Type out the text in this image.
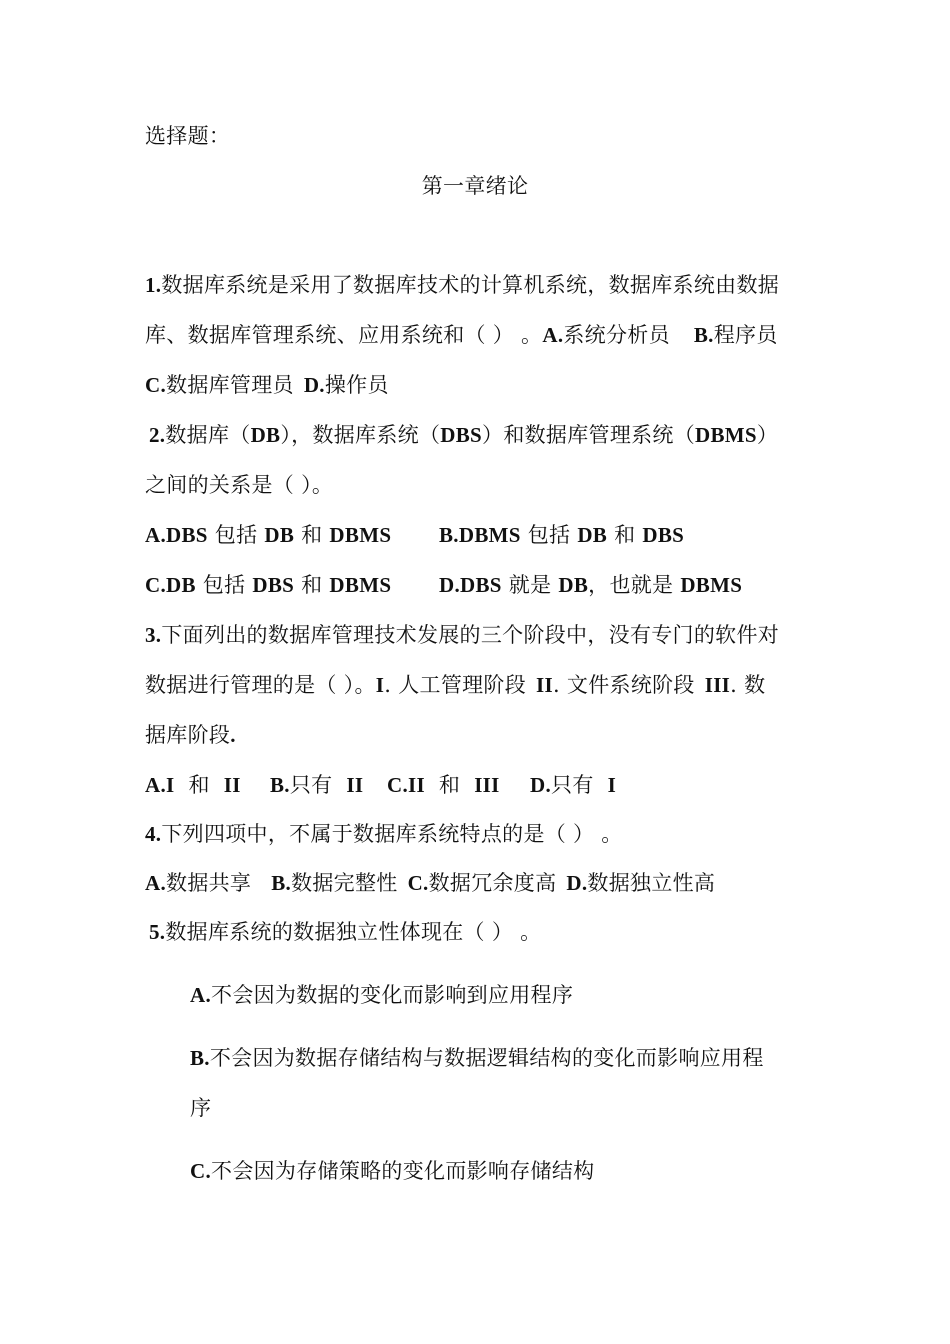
选择题：
第一章绪论
1.数据库系统是采用了数据库技术的计算机系统，数据库系统由数据
库、数据库管理系统、应用系统和（ ） 。A.系统分析员 B.程序员
C.数据库管理员 D.操作员
2.数据库（DB），数据库系统（DBS）和数据库管理系统（DBMS）
之间的关系是（ ）。
A.DBS 包括 DB 和 DBMS B.DBMS 包括 DB 和 DBS
C.DB 包括 DBS 和 DBMS D.DBS 就是 DB，也就是 DBMS
3.下面列出的数据库管理技术发展的三个阶段中，没有专门的软件对
数据进行管理的是（ ）。I. 人工管理阶段 II. 文件系统阶段 III. 数
据库阶段.
A.I 和 II B.只有 II C.II 和 III D.只有 I
4.下列四项中，不属于数据库系统特点的是（ ） 。
A.数据共享 B.数据完整性 C.数据冗余度高 D.数据独立性高
5.数据库系统的数据独立性体现在（ ） 。
A.不会因为数据的变化而影响到应用程序
B.不会因为数据存储结构与数据逻辑结构的变化而影响应用程
序
C.不会因为存储策略的变化而影响存储结构
